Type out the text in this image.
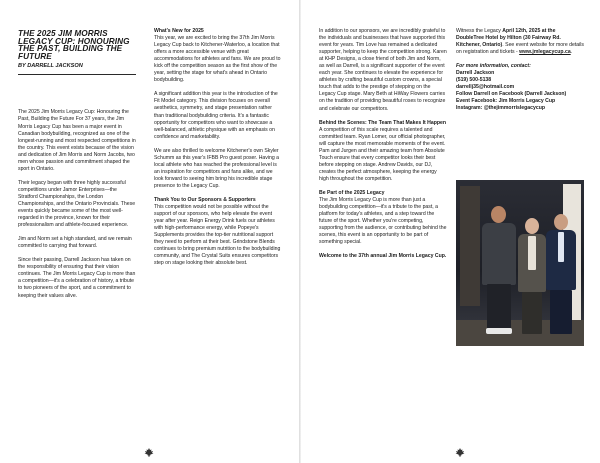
THE 2025 JIM MORRIS LEGACY CUP: HONOURING THE PAST, BUILDING THE FUTURE
BY DARRELL JACKSON

The 2025 Jim Morris Legacy Cup: Honouring the Past, Building the Future For 37 years, the Jim Morris Legacy Cup has been a major event in Canadian bodybuilding, recognized as one of the longest-running and most respected competitions in the country. This event exists because of the vision and dedication of Jim Morris and Norm Jacobs, two men whose passion and commitment shaped the sport in Ontario.

Their legacy began with three highly successful competitions under Jamor Enterprises—the Stratford Championships, the London Championships, and the Ontario Provincials. These events quickly became some of the most well-regarded in the province, known for their professionalism and athlete-focused experience.

Jim and Norm set a high standard, and we remain committed to carrying that forward.

Since their passing, Darrell Jackson has taken on the responsibility of ensuring that their vision continues. The Jim Morris Legacy Cup is more than a competition—it's a celebration of history, a tribute to two pioneers of the sport, and a commitment to keeping their values alive.

What's New for 2025

This year, we are excited to bring the 37th Jim Morris Legacy Cup back to Kitchener-Waterloo, a location that offers a more accessible venue with great accommodations for athletes and fans. We are proud to kick off the competition season as the first show of the year, setting the stage for what's ahead in Ontario bodybuilding.

A significant addition this year is the introduction of the Fit Model category. This division focuses on overall aesthetics, symmetry, and stage presentation rather than traditional bodybuilding criteria. It's a fantastic opportunity for competitors who want to showcase a well-balanced, athletic physique with an emphasis on confidence and marketability.

We are also thrilled to welcome Kitchener's own Skyler Schumm as this year's IFBB Pro guest poser. Having a local athlete who has reached the professional level is an inspiration for competitors and fans alike, and we look forward to seeing him bring his incredible stage presence to the Legacy Cup.

Thank You to Our Sponsors & Supporters

This competition would not be possible without the support of our sponsors, who help elevate the event year after year. Reign Energy Drink fuels our athletes with high-performance energy, while Popeye's Supplements provides the top-tier nutritional support they need to perform at their best. Grindstone Blends continues to bring premium nutrition to the bodybuilding community, and The Crystal Suits ensures competitors step on stage looking their absolute best.

In addition to our sponsors, we are incredibly grateful to the individuals and businesses that have supported this event for years. Tim Love has remained a dedicated supporter, helping to keep the competition strong. Karen at KHP Designs, a close friend of both Jim and Norm, as well as Darrell, is a significant supporter of the event each year. She continues to elevate the experience for athletes by crafting beautiful custom crowns, a special touch that adds to the prestige of stepping on the Legacy Cup stage. Mary Beth at HiWay Flowers carries on the tradition of providing beautiful roses to recognize and celebrate our competitors.

Behind the Scenes: The Team That Makes It Happen

A competition of this scale requires a talented and committed team. Ryan Lomer, our official photographer, will capture the most memorable moments of the event. Pam and Jurgen and their amazing team from Absolute Touch ensure that every competitor looks their best before stepping on stage. Andrew Davids, our DJ, creates the perfect atmosphere, keeping the energy high throughout the competition.

Be Part of the 2025 Legacy

The Jim Morris Legacy Cup is more than just a bodybuilding competition—it's a tribute to the past, a platform for today's athletes, and a step toward the future of the sport. Whether you're competing, supporting from the audience, or contributing behind the scenes, this event is an opportunity to be part of something special.

Welcome to the 37th annual Jim Morris Legacy Cup.

Witness the Legacy April 12th, 2025 at the DoubleTree Hotel by Hilton (30 Fairway Rd. Kitchener, Ontario). See event website for more details on registration and tickets - www.jmlegacycup.ca.

For more information, contact:

Darrell Jackson

(519) 500-5138

darrellj35@hotmail.com

Follow Darrell on Facebook (Darrell Jackson)

Event Facebook: Jim Morris Legacy Cup

Instagram: @thejimmorrislegacycup
